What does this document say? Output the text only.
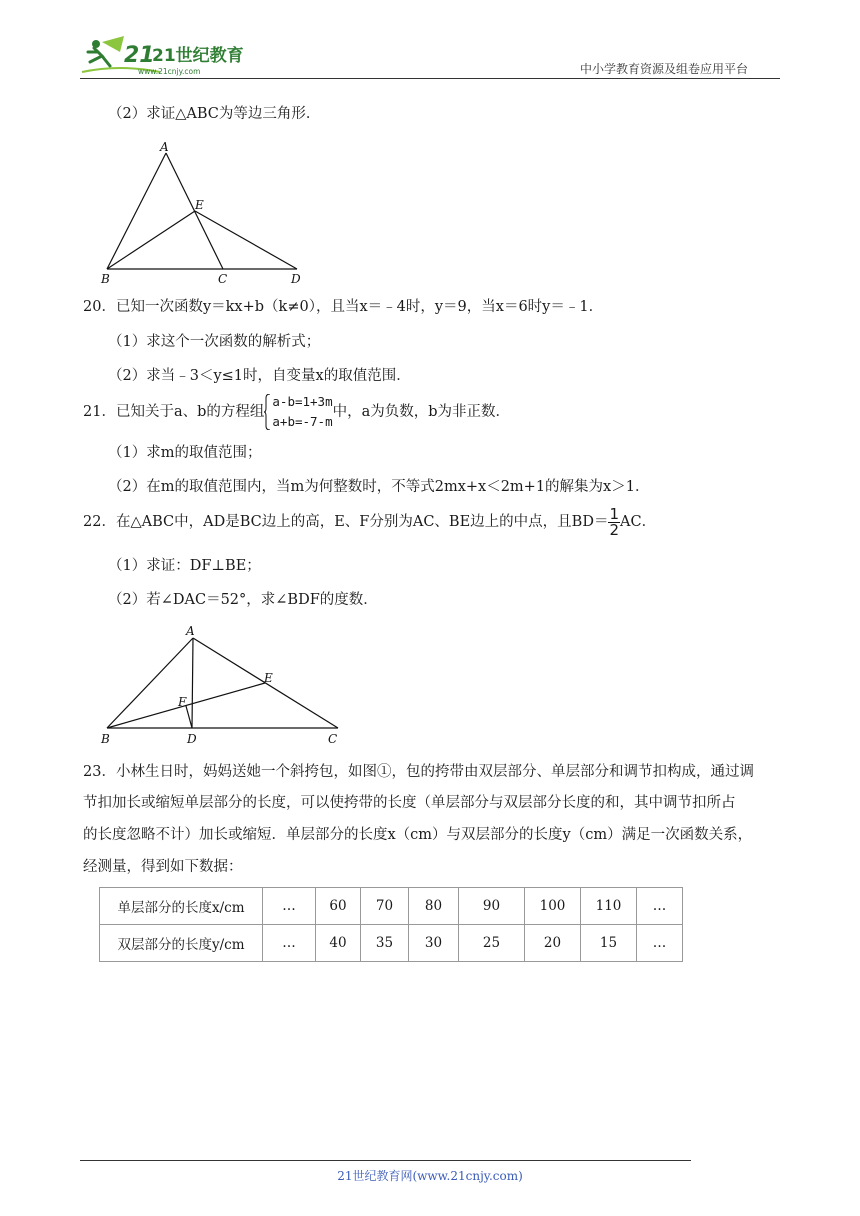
21
21世纪教育
www.21cnjy.com	中小学教育资源及组卷应用平台
（2）求证△ABC为等边三角形．
A
E
B	C	D
20．已知一次函数y＝kx+b（k≠0），且当x＝﹣4时，y＝9，当x＝6时y＝﹣1．
（1）求这个一次函数的解析式；
（2）求当﹣3＜y≤1时，自变量x的取值范围．
21．已知关于a、b的方程组
a-b=1+3m
a+b=-7-m
中，a为负数，b为非正数．
（1）求m的取值范围；
（2）在m的取值范围内，当m为何整数时，不等式2mx+x＜2m+1的解集为x＞1．
22．在△ABC中，AD是BC边上的高，E、F分别为AC、BE边上的中点，且$BD= \frac{1}{2}$ AC．
（1）求证：DF⊥BE；
（2）若∠DAC＝52°，求∠BDF的度数．
A
E
F
B	D	C
23．小林生日时，妈妈送她一个斜挎包，如图①，包的挎带由双层部分、单层部分和调节扣构成，通过调
节扣加长或缩短单层部分的长度，可以使挎带的长度（单层部分与双层部分长度的和，其中调节扣所占
的长度忽略不计）加长或缩短．单层部分的长度x（cm）与双层部分的长度y（cm）满足一次函数关系，
经测量，得到如下数据：
单层部分的长度x/cm	…	60	70	80	90	100	110	…
双层部分的长度y/cm	…	40	35	30	25	20	15	…
21世纪教育网(www.21cnjy.com)
